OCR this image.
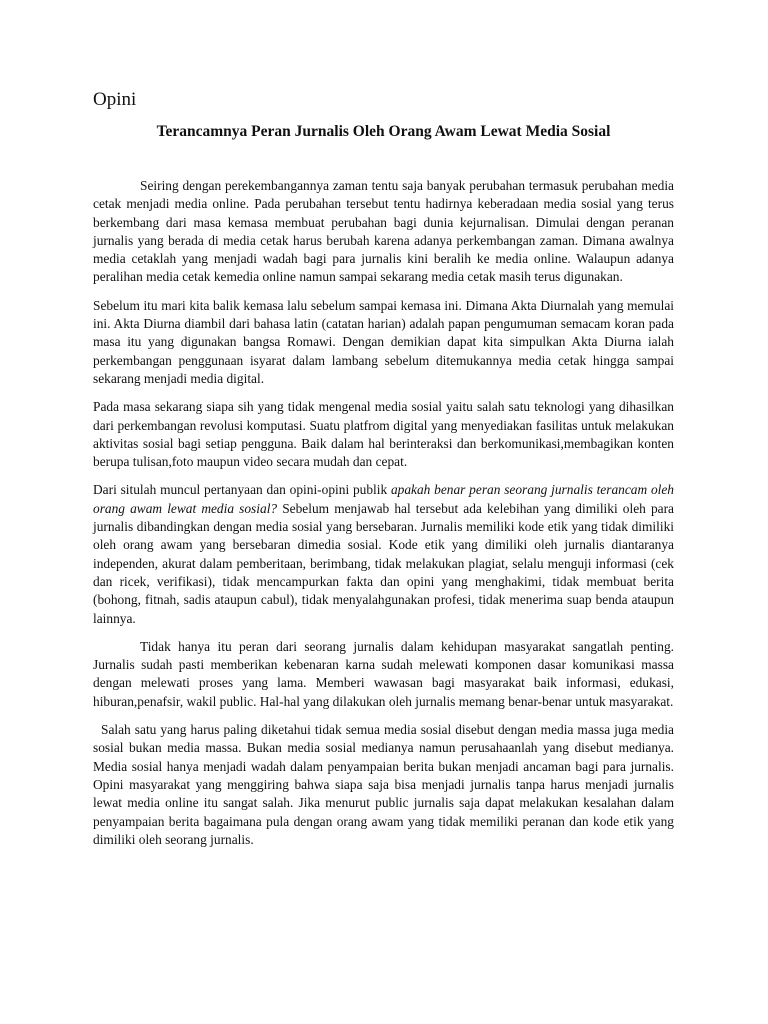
Opini
Terancamnya Peran Jurnalis Oleh Orang Awam Lewat Media Sosial

Seiring dengan perekembangannya zaman tentu saja banyak perubahan termasuk perubahan media cetak menjadi media online. Pada perubahan tersebut tentu hadirnya keberadaan media sosial yang terus berkembang dari masa kemasa membuat perubahan bagi dunia kejurnalisan. Dimulai dengan peranan jurnalis yang berada di media cetak harus berubah karena adanya perkembangan zaman. Dimana awalnya media cetaklah yang menjadi wadah bagi para jurnalis kini beralih ke media online. Walaupun adanya peralihan media cetak kemedia online namun sampai sekarang media cetak masih terus digunakan.

Sebelum itu mari kita balik kemasa lalu sebelum sampai kemasa ini. Dimana Akta Diurnalah yang memulai ini. Akta Diurna diambil dari bahasa latin (catatan harian) adalah papan pengumuman semacam koran pada masa itu yang digunakan bangsa Romawi. Dengan demikian dapat kita simpulkan Akta Diurna ialah perkembangan penggunaan isyarat dalam lambang sebelum ditemukannya media cetak hingga sampai sekarang menjadi media digital.

Pada masa sekarang siapa sih yang tidak mengenal media sosial yaitu salah satu teknologi yang dihasilkan dari perkembangan revolusi komputasi. Suatu platfrom digital yang menyediakan fasilitas untuk melakukan aktivitas sosial bagi setiap pengguna. Baik dalam hal berinteraksi dan berkomunikasi,membagikan konten berupa tulisan,foto maupun video secara mudah dan cepat.

Dari situlah muncul pertanyaan dan opini-opini publik apakah benar peran seorang jurnalis terancam oleh orang awam lewat media sosial? Sebelum menjawab hal tersebut ada kelebihan yang dimiliki oleh para jurnalis dibandingkan dengan media sosial yang bersebaran. Jurnalis memiliki kode etik yang tidak dimiliki oleh orang awam yang bersebaran dimedia sosial. Kode etik yang dimiliki oleh jurnalis diantaranya independen, akurat dalam pemberitaan, berimbang, tidak melakukan plagiat, selalu menguji informasi (cek dan ricek, verifikasi), tidak mencampurkan fakta dan opini yang menghakimi, tidak membuat berita (bohong, fitnah, sadis ataupun cabul), tidak menyalahgunakan profesi, tidak menerima suap benda ataupun lainnya.

Tidak hanya itu peran dari seorang jurnalis dalam kehidupan masyarakat sangatlah penting. Jurnalis sudah pasti memberikan kebenaran karna sudah melewati komponen dasar komunikasi massa dengan melewati proses yang lama. Memberi wawasan bagi masyarakat baik informasi, edukasi, hiburan,penafsir, wakil public. Hal-hal yang dilakukan oleh jurnalis memang benar-benar untuk masyarakat.

Salah satu yang harus paling diketahui tidak semua media sosial disebut dengan media massa juga media sosial bukan media massa. Bukan media sosial medianya namun perusahaanlah yang disebut medianya. Media sosial hanya menjadi wadah dalam penyampaian berita bukan menjadi ancaman bagi para jurnalis. Opini masyarakat yang menggiring bahwa siapa saja bisa menjadi jurnalis tanpa harus menjadi jurnalis lewat media online itu sangat salah. Jika menurut public jurnalis saja dapat melakukan kesalahan dalam penyampaian berita bagaimana pula dengan orang awam yang tidak memiliki peranan dan kode etik yang dimiliki oleh seorang jurnalis.
